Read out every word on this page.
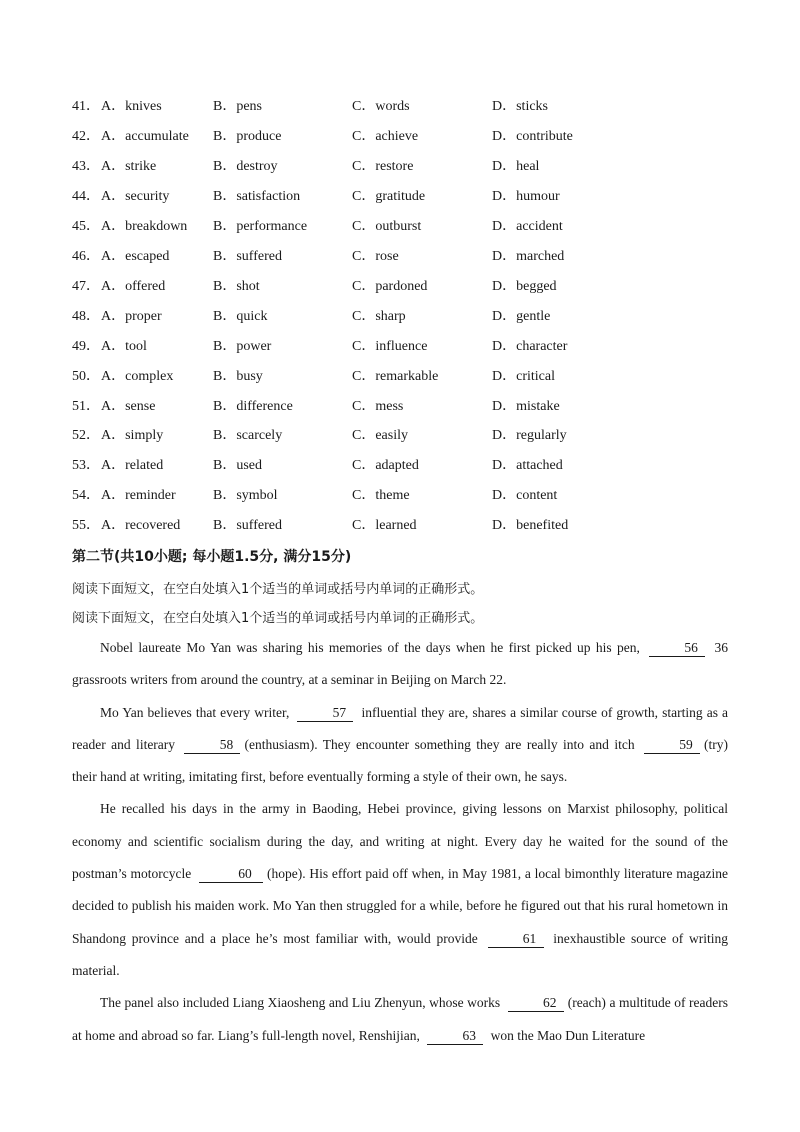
41． A．knives	B．pens	C．words	D．sticks
42． A．accumulate B．produce	C．achieve	D．contribute
43． A．strike	B．destroy	C．restore	D．heal
44． A．security	B．satisfaction	C．gratitude	D．humour
45． A．breakdown B．performance	C．outburst	D．accident
46． A．escaped	B．suffered	C．rose	D．marched
47． A．offered	B．shot	C．pardoned	D．begged
48． A．proper	B．quick	C．sharp	D．gentle
49． A．tool	B．power	C．influence	D．character
50． A．complex	B．busy	C．remarkable	D．critical
51． A．sense	B．difference	C．mess	D．mistake
52． A．simply	B．scarcely	C．easily	D．regularly
53． A．related	B．used	C．adapted	D．attached
54． A．reminder	B．symbol	C．theme	D．content
55． A．recovered B．suffered	C．learned	D．benefited
第二节(共10小题; 每小题1.5分, 满分15分)
阅读下面短文，在空白处填入1个适当的单词或括号内单词的正确形式。
阅读下面短文，在空白处填入1个适当的单词或括号内单词的正确形式。

Nobel laureate Mo Yan was sharing his memories of the days when he first picked up his pen,	56 36 grassroots writers from around the country, at a seminar in Beijing on March 22.

Mo Yan believes that every writer,	57 influential they are, shares a similar course of growth, starting as a reader and literary	58 (enthusiasm). They encounter something they are really into and itch	59 (try) their hand at writing, imitating first, before eventually forming a style of their own, he says.

He recalled his days in the army in Baoding, Hebei province, giving lessons on Marxist philosophy, political economy and scientific socialism during the day, and writing at night. Every day he waited for the sound of the postman’s motorcycle	60 (hope). His effort paid off when, in May 1981, a local bimonthly literature magazine decided to publish his maiden work. Mo Yan then struggled for a while, before he figured out that his rural hometown in Shandong province and a place he’s most familiar with, would provide	61 inexhaustible source of writing material.

The panel also included Liang Xiaosheng and Liu Zhenyun, whose works	62 (reach) a multitude of readers at home and abroad so far. Liang’s full-length novel, Renshijian,	63 won the Mao Dun Literature
